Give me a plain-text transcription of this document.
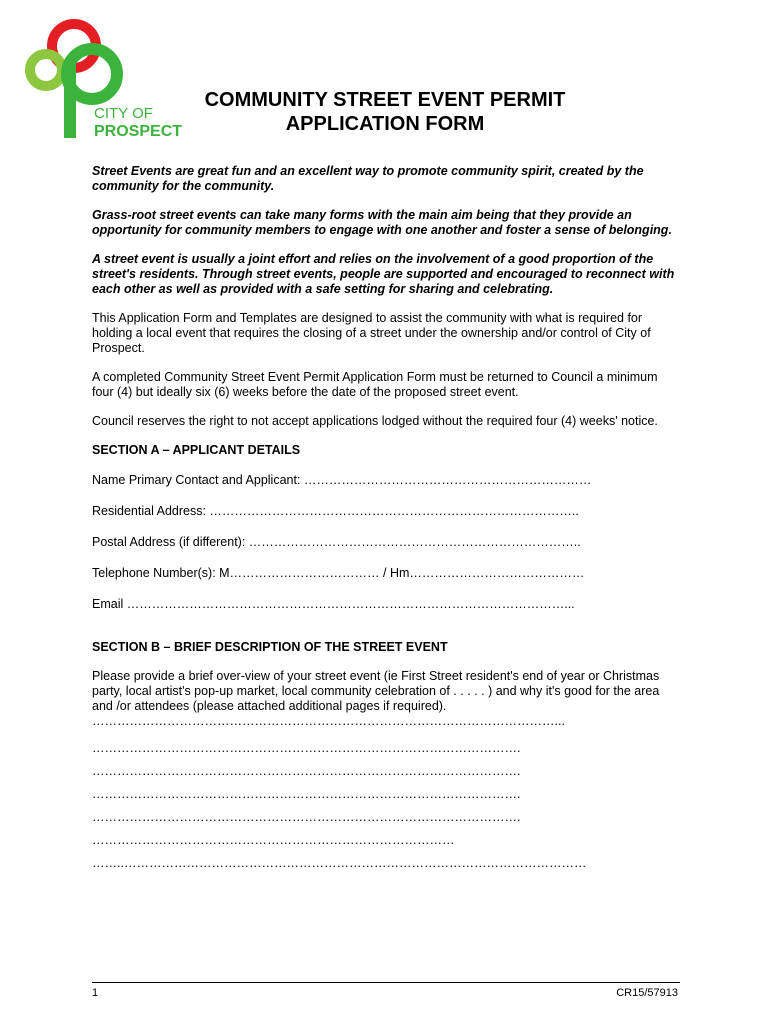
CITY OF
PROSPECT
COMMUNITY STREET EVENT PERMIT
APPLICATION FORM

Street Events are great fun and an excellent way to promote community spirit, created by the community for the community.

Grass-root street events can take many forms with the main aim being that they provide an opportunity for community members to engage with one another and foster a sense of belonging.

A street event is usually a joint effort and relies on the involvement of a good proportion of the street's residents. Through street events, people are supported and encouraged to reconnect with each other as well as provided with a safe setting for sharing and celebrating.

This Application Form and Templates are designed to assist the community with what is required for holding a local event that requires the closing of a street under the ownership and/or control of City of Prospect.

A completed Community Street Event Permit Application Form must be returned to Council a minimum four (4) but ideally six (6) weeks before the date of the proposed street event.

Council reserves the right to not accept applications lodged without the required four (4) weeks' notice.

SECTION A – APPLICANT DETAILS
Name Primary Contact and Applicant: ……………………………………………………………
Residential Address: ……………………………………………………………………………..
Postal Address (if different): ……………………………………………………………………..
Telephone Number(s): M……………………………… / Hm……………………………………
Email ……………………………………………………………………………………………...
SECTION B – BRIEF DESCRIPTION OF THE STREET EVENT

Please provide a brief over-view of your street event (ie First Street resident's end of year or Christmas party, local artist's pop-up market, local community celebration of . . . . . ) and why it's good for the area and /or attendees (please attached additional pages if required).

…………………………………………………………………………………………………...
………………………………………………………………………………………….
………………………………………………………………………………………….
………………………………………………………………………………………….
………………………………………………………………………………………….
……………………………………………………………………………
……..…………………………………………………………………………………………………
1	CR15/57913
